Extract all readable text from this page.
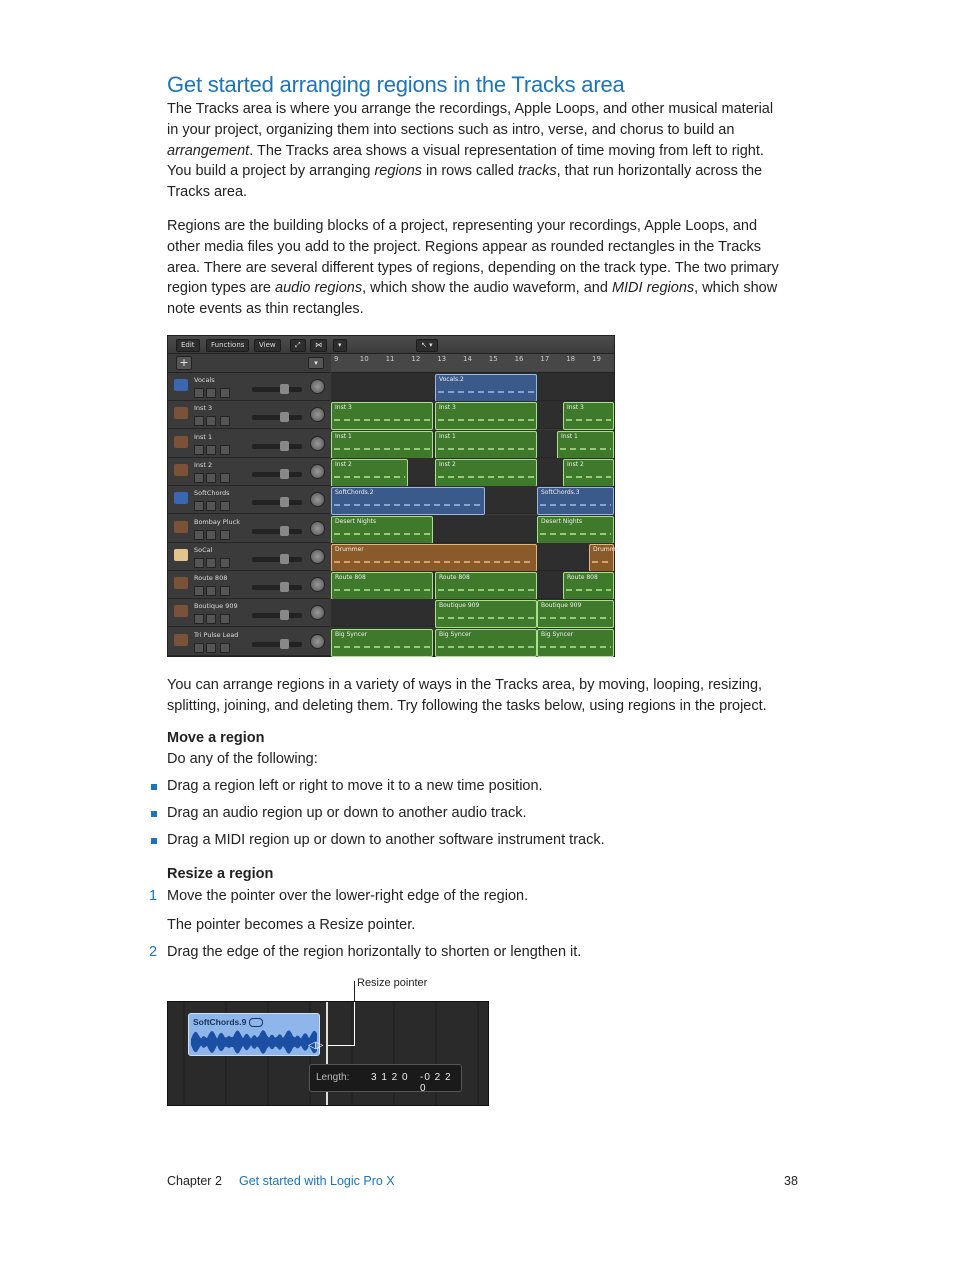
Get started arranging regions in the Tracks area

The Tracks area is where you arrange the recordings, Apple Loops, and other musical material in your project, organizing them into sections such as intro, verse, and chorus to build an arrangement. The Tracks area shows a visual representation of time moving from left to right. You build a project by arranging regions in rows called tracks, that run horizontally across the Tracks area.

Regions are the building blocks of a project, representing your recordings, Apple Loops, and other media files you add to the project. Regions appear as rounded rectangles in the Tracks area. There are several different types of regions, depending on the track type. The two primary region types are audio regions, which show the audio waveform, and MIDI regions, which show note events as thin rectangles.

Edit	Functions	View	⤢	⋈	▾	↖ ▾
+	▾	9	10 11 12 13 14 15 16 17 18 19
Vocals	Vocals.2
Inst 3	Inst 3	Inst 3	Inst 3
Inst 1	Inst 1	Inst 1	Inst 1
Inst 2	Inst 2	Inst 2	Inst 2
SoftChords	SoftChords.2	SoftChords.3
Bombay Pluck	Desert Nights	Desert Nights
SoCal	Drummer	Drumme
Route 808	Route 808	Route 808	Route 808
Boutique 909	Boutique 909	Boutique 909
Tri Pulse Lead	Big Syncer	Big Syncer	Big Syncer

You can arrange regions in a variety of ways in the Tracks area, by moving, looping, resizing, splitting, joining, and deleting them. Try following the tasks below, using regions in the project.

Move a region
Do any of the following:
Drag a region left or right to move it to a new time position.
Drag an audio region up or down to another audio track.
Drag a MIDI region up or down to another software instrument track.
Resize a region
1 Move the pointer over the lower-right edge of the region.
The pointer becomes a Resize pointer.
2 Drag the edge of the region horizontally to shorten or lengthen it.
Resize pointer
SoftChords.9
◁▷
Length: 3 1 2 0 -0 2 2 0
Chapter 2 Get started with Logic Pro X	38
